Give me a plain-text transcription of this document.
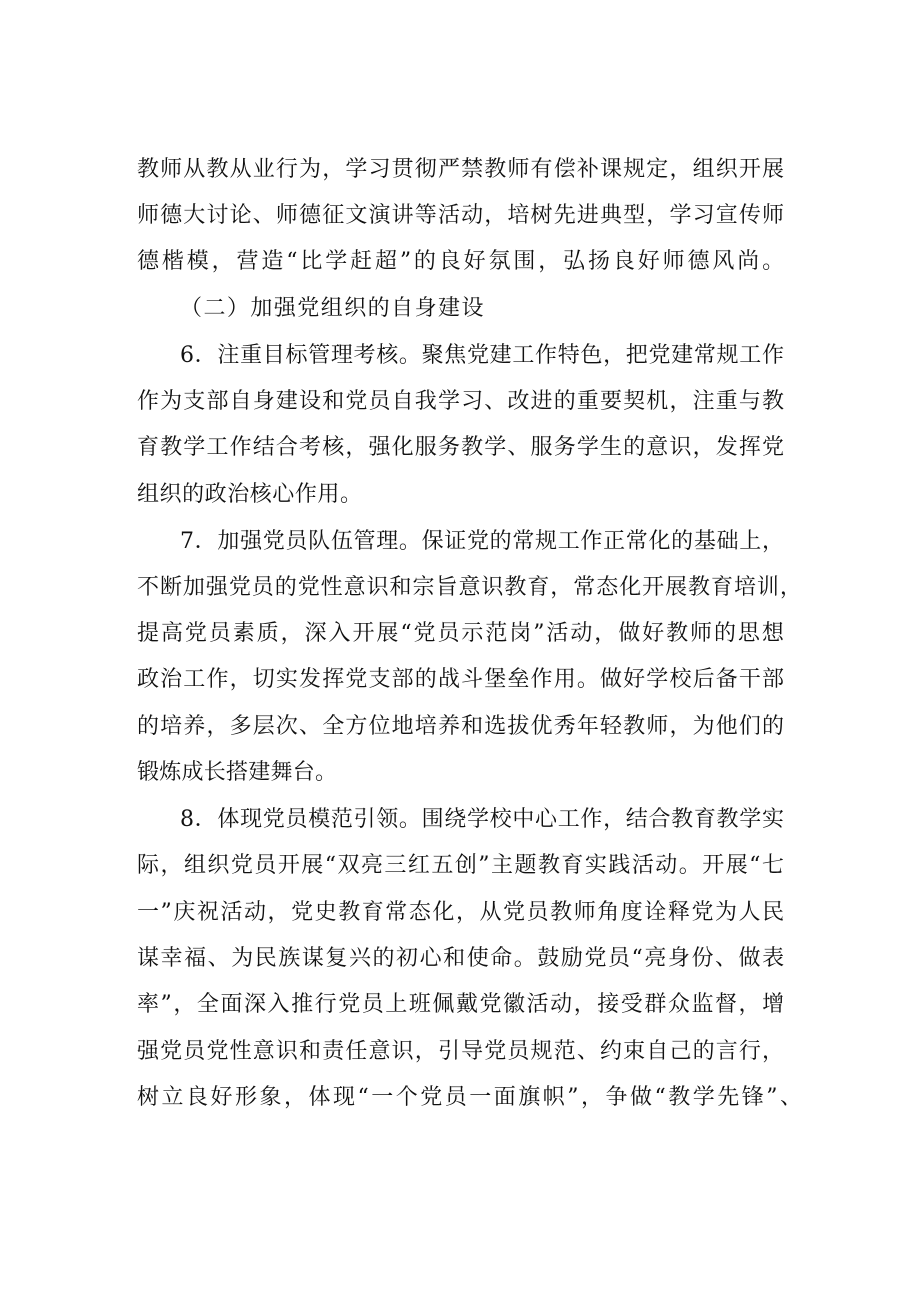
教师从教从业行为，学习贯彻严禁教师有偿补课规定，组织开展
师德大讨论、师德征文演讲等活动，培树先进典型，学习宣传师
德楷模，营造“比学赶超”的良好氛围，弘扬良好师德风尚。
（二）加强党组织的自身建设
6．注重目标管理考核。聚焦党建工作特色，把党建常规工作
作为支部自身建设和党员自我学习、改进的重要契机，注重与教
育教学工作结合考核，强化服务教学、服务学生的意识，发挥党
组织的政治核心作用。
7．加强党员队伍管理。保证党的常规工作正常化的基础上，
不断加强党员的党性意识和宗旨意识教育，常态化开展教育培训，
提高党员素质，深入开展“党员示范岗”活动，做好教师的思想
政治工作，切实发挥党支部的战斗堡垒作用。做好学校后备干部
的培养，多层次、全方位地培养和选拔优秀年轻教师，为他们的
锻炼成长搭建舞台。
8．体现党员模范引领。围绕学校中心工作，结合教育教学实
际，组织党员开展“双亮三红五创”主题教育实践活动。开展“七
一”庆祝活动，党史教育常态化，从党员教师角度诠释党为人民
谋幸福、为民族谋复兴的初心和使命。鼓励党员“亮身份、做表
率”，全面深入推行党员上班佩戴党徽活动，接受群众监督，增
强党员党性意识和责任意识，引导党员规范、约束自己的言行，
树立良好形象，体现“一个党员一面旗帜”，争做“教学先锋”、
